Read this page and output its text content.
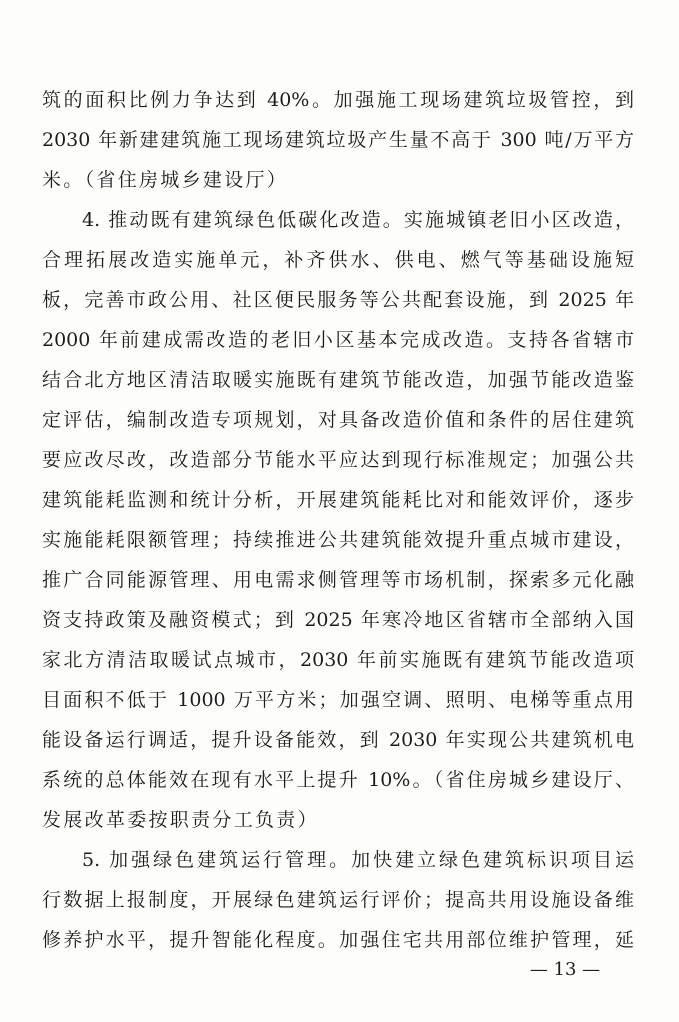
筑的面积比例力争达到 40%。加强施工现场建筑垃圾管控，到
2030 年新建建筑施工现场建筑垃圾产生量不高于 300 吨/万平方
米。（省住房城乡建设厅）
4. 推动既有建筑绿色低碳化改造。实施城镇老旧小区改造，
合理拓展改造实施单元，补齐供水、供电、燃气等基础设施短
板，完善市政公用、社区便民服务等公共配套设施，到 2025 年
2000 年前建成需改造的老旧小区基本完成改造。支持各省辖市
结合北方地区清洁取暖实施既有建筑节能改造，加强节能改造鉴
定评估，编制改造专项规划，对具备改造价值和条件的居住建筑
要应改尽改，改造部分节能水平应达到现行标准规定；加强公共
建筑能耗监测和统计分析，开展建筑能耗比对和能效评价，逐步
实施能耗限额管理；持续推进公共建筑能效提升重点城市建设，
推广合同能源管理、用电需求侧管理等市场机制，探索多元化融
资支持政策及融资模式；到 2025 年寒冷地区省辖市全部纳入国
家北方清洁取暖试点城市，2030 年前实施既有建筑节能改造项
目面积不低于 1000 万平方米；加强空调、照明、电梯等重点用
能设备运行调适，提升设备能效，到 2030 年实现公共建筑机电
系统的总体能效在现有水平上提升 10%。（省住房城乡建设厅、
发展改革委按职责分工负责）
5. 加强绿色建筑运行管理。加快建立绿色建筑标识项目运
行数据上报制度，开展绿色建筑运行评价；提高共用设施设备维
修养护水平，提升智能化程度。加强住宅共用部位维护管理，延
— 13 —
